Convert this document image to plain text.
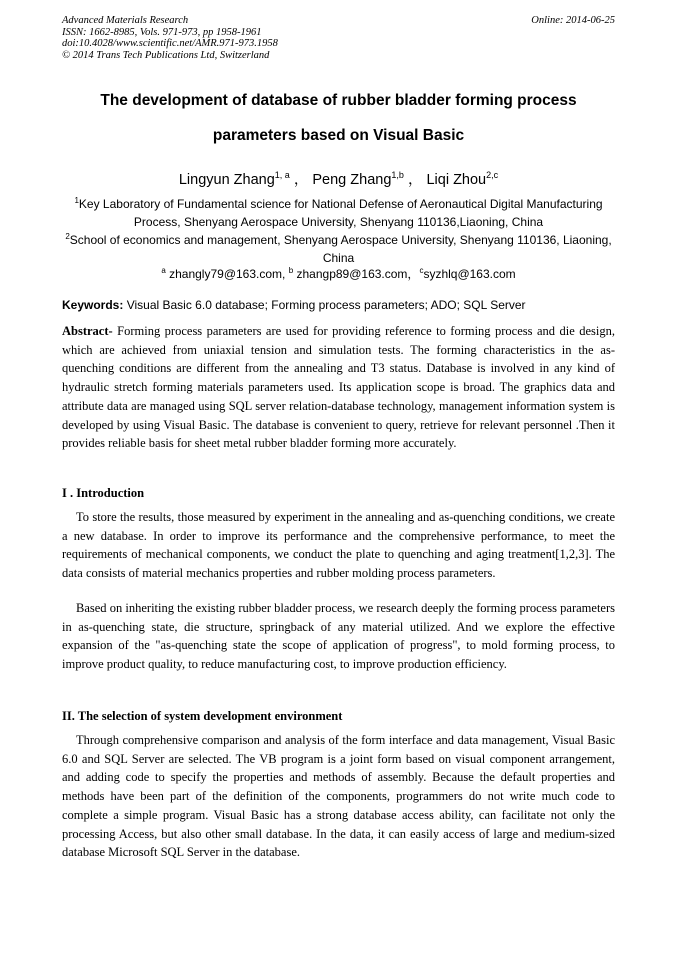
Advanced Materials Research
ISSN: 1662-8985, Vols. 971-973, pp 1958-1961
doi:10.4028/www.scientific.net/AMR.971-973.1958
© 2014 Trans Tech Publications Ltd, Switzerland
Online: 2014-06-25
The development of database of rubber bladder forming process
parameters based on Visual Basic
Lingyun Zhang$^{1, a}$ ， Peng Zhang$^{1,b}$ ， Liqi Zhou$^{2,c}$
$^1$Key Laboratory of Fundamental science for National Defense of Aeronautical Digital Manufacturing Process, Shenyang Aerospace University, Shenyang 110136,Liaoning, China
$^2$School of economics and management, Shenyang Aerospace University, Shenyang 110136, Liaoning, China
$^a$ zhangly79@163.com, $^b$ zhangp89@163.com，$^c$syzhlq@163.com
Keywords: Visual Basic 6.0 database; Forming process parameters; ADO; SQL Server
Abstract- Forming process parameters are used for providing reference to forming process and die design, which are achieved from uniaxial tension and simulation tests. The forming characteristics in the as-quenching conditions are different from the annealing and T3 status. Database is involved in any kind of hydraulic stretch forming materials parameters used. Its application scope is broad. The graphics data and attribute data are managed using SQL server relation-database technology, management information system is developed by using Visual Basic. The database is convenient to query, retrieve for relevant personnel .Then it provides reliable basis for sheet metal rubber bladder forming more accurately.
I . Introduction
To store the results, those measured by experiment in the annealing and as-quenching conditions, we create a new database. In order to improve its performance and the comprehensive performance, to meet the requirements of mechanical components, we conduct the plate to quenching and aging treatment[1,2,3]. The data consists of material mechanics properties and rubber molding process parameters.
Based on inheriting the existing rubber bladder process, we research deeply the forming process parameters in as-quenching state, die structure, springback of any material utilized. And we explore the effective expansion of the "as-quenching state the scope of application of progress", to mold forming process, to improve product quality, to reduce manufacturing cost, to improve production efficiency.
II. The selection of system development environment
Through comprehensive comparison and analysis of the form interface and data management, Visual Basic 6.0 and SQL Server are selected. The VB program is a joint form based on visual component arrangement, and adding code to specify the properties and methods of assembly. Because the default properties and methods have been part of the definition of the components, programmers do not write much code to complete a simple program. Visual Basic has a strong database access ability, can facilitate not only the processing Access, but also other small database. In the data, it can easily access of large and medium-sized database Microsoft SQL Server in the database.
